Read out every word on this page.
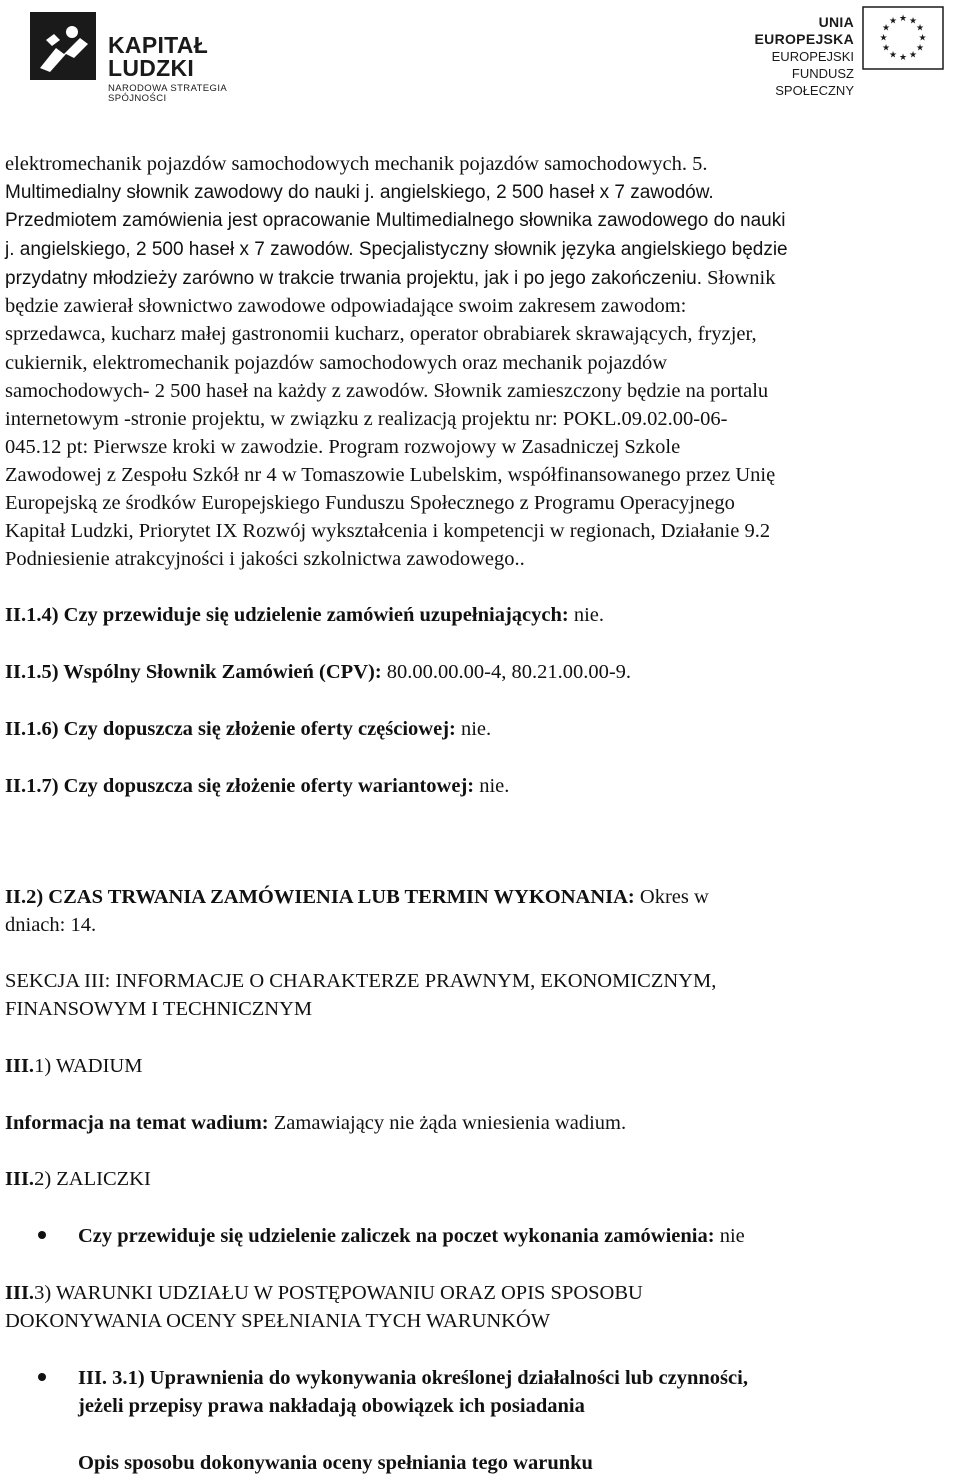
KAPITAŁ LUDZKI
NARODOWA STRATEGIA SPÓJNOŚCI
UNIA EUROPEJSKA
EUROPEJSKI
FUNDUSZ SPOŁECZNY
★ ★
★
★
★
★
★
★
★
★
★
★
elektromechanik pojazdów samochodowych mechanik pojazdów samochodowych. 5.
Multimedialny słownik zawodowy do nauki j. angielskiego, 2 500 haseł x 7 zawodów.
Przedmiotem zamówienia jest opracowanie Multimedialnego słownika zawodowego do nauki
j. angielskiego, 2 500 haseł x 7 zawodów. Specjalistyczny słownik języka angielskiego będzie
przydatny młodzieży zarówno w trakcie trwania projektu, jak i po jego zakończeniu. Słownik
będzie zawierał słownictwo zawodowe odpowiadające swoim zakresem zawodom:
sprzedawca, kucharz małej gastronomii kucharz, operator obrabiarek skrawających, fryzjer,
cukiernik, elektromechanik pojazdów samochodowych oraz mechanik pojazdów
samochodowych- 2 500 haseł na każdy z zawodów. Słownik zamieszczony będzie na portalu
internetowym -stronie projektu, w związku z realizacją projektu nr: POKL.09.02.00-06-
045.12 pt: Pierwsze kroki w zawodzie. Program rozwojowy w Zasadniczej Szkole
Zawodowej z Zespołu Szkół nr 4 w Tomaszowie Lubelskim, współfinansowanego przez Unię
Europejską ze środków Europejskiego Funduszu Społecznego z Programu Operacyjnego
Kapitał Ludzki, Priorytet IX Rozwój wykształcenia i kompetencji w regionach, Działanie 9.2
Podniesienie atrakcyjności i jakości szkolnictwa zawodowego..
II.1.4) Czy przewiduje się udzielenie zamówień uzupełniających: nie.
II.1.5) Wspólny Słownik Zamówień (CPV): 80.00.00.00-4, 80.21.00.00-9.
II.1.6) Czy dopuszcza się złożenie oferty częściowej: nie.
II.1.7) Czy dopuszcza się złożenie oferty wariantowej: nie.
II.2) CZAS TRWANIA ZAMÓWIENIA LUB TERMIN WYKONANIA: Okres w
dniach: 14.
SEKCJA III: INFORMACJE O CHARAKTERZE PRAWNYM, EKONOMICZNYM,
FINANSOWYM I TECHNICZNYM
III.1) WADIUM
Informacja na temat wadium: Zamawiający nie żąda wniesienia wadium.
III.2) ZALICZKI
Czy przewiduje się udzielenie zaliczek na poczet wykonania zamówienia: nie
III.3) WARUNKI UDZIAŁU W POSTĘPOWANIU ORAZ OPIS SPOSOBU
DOKONYWANIA OCENY SPEŁNIANIA TYCH WARUNKÓW
III. 3.1) Uprawnienia do wykonywania określonej działalności lub czynności,
jeżeli przepisy prawa nakładają obowiązek ich posiadania
Opis sposobu dokonywania oceny spełniania tego warunku
